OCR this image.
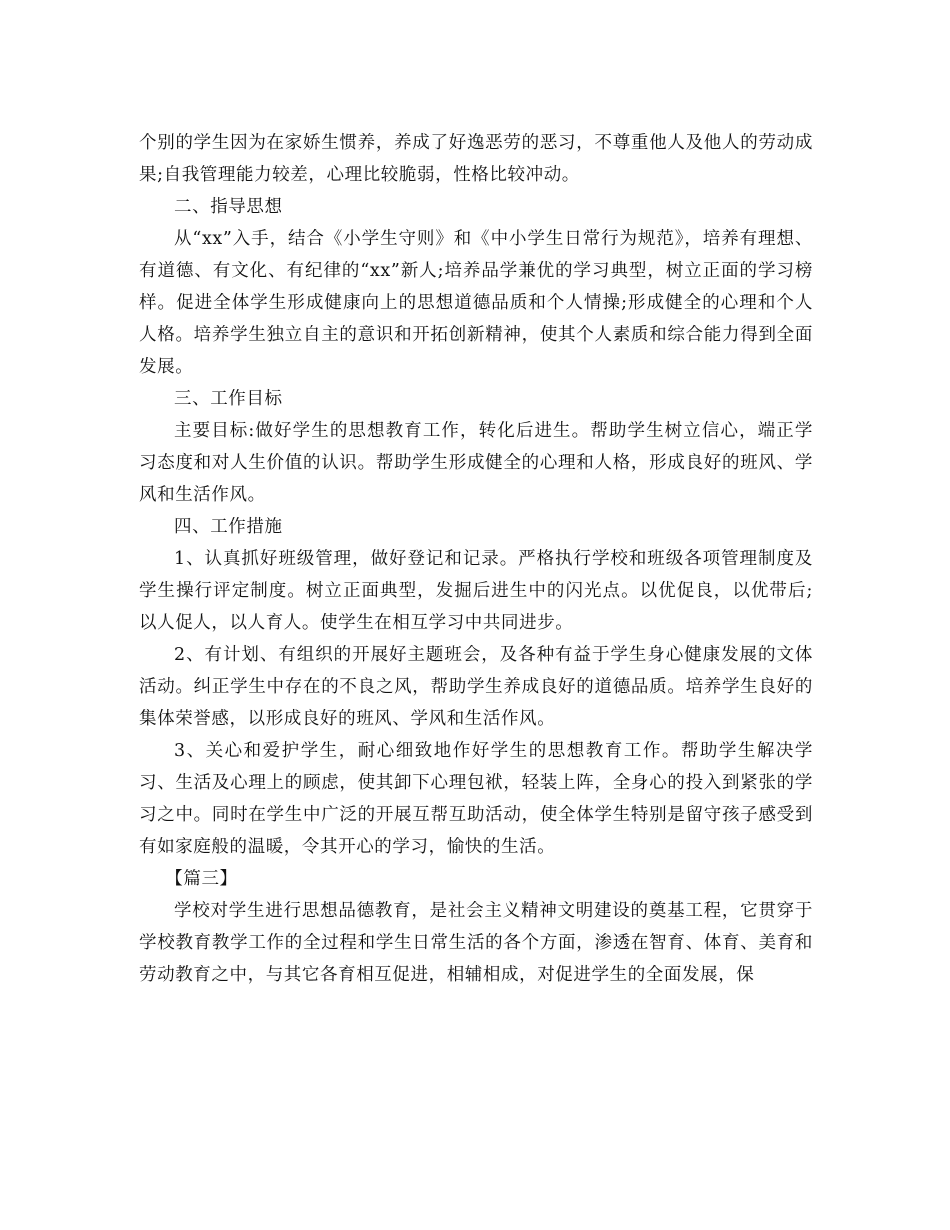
个别的学生因为在家娇生惯养，养成了好逸恶劳的恶习，不尊重他人及他人的劳动成果;自我管理能力较差，心理比较脆弱，性格比较冲动。

二、指导思想

从“xx”入手，结合《小学生守则》和《中小学生日常行为规范》，培养有理想、有道德、有文化、有纪律的“xx”新人;培养品学兼优的学习典型，树立正面的学习榜样。促进全体学生形成健康向上的思想道德品质和个人情操;形成健全的心理和个人人格。培养学生独立自主的意识和开拓创新精神，使其个人素质和综合能力得到全面发展。

三、工作目标

主要目标:做好学生的思想教育工作，转化后进生。帮助学生树立信心，端正学习态度和对人生价值的认识。帮助学生形成健全的心理和人格，形成良好的班风、学风和生活作风。

四、工作措施

1、认真抓好班级管理，做好登记和记录。严格执行学校和班级各项管理制度及学生操行评定制度。树立正面典型，发掘后进生中的闪光点。以优促良，以优带后;以人促人，以人育人。使学生在相互学习中共同进步。

2、有计划、有组织的开展好主题班会，及各种有益于学生身心健康发展的文体活动。纠正学生中存在的不良之风，帮助学生养成良好的道德品质。培养学生良好的集体荣誉感，以形成良好的班风、学风和生活作风。

3、关心和爱护学生，耐心细致地作好学生的思想教育工作。帮助学生解决学习、生活及心理上的顾虑，使其卸下心理包袱，轻装上阵，全身心的投入到紧张的学习之中。同时在学生中广泛的开展互帮互助活动，使全体学生特别是留守孩子感受到有如家庭般的温暖，令其开心的学习，愉快的生活。

【篇三】

学校对学生进行思想品德教育，是社会主义精神文明建设的奠基工程，它贯穿于学校教育教学工作的全过程和学生日常生活的各个方面，渗透在智育、体育、美育和劳动教育之中，与其它各育相互促进，相辅相成，对促进学生的全面发展，保
